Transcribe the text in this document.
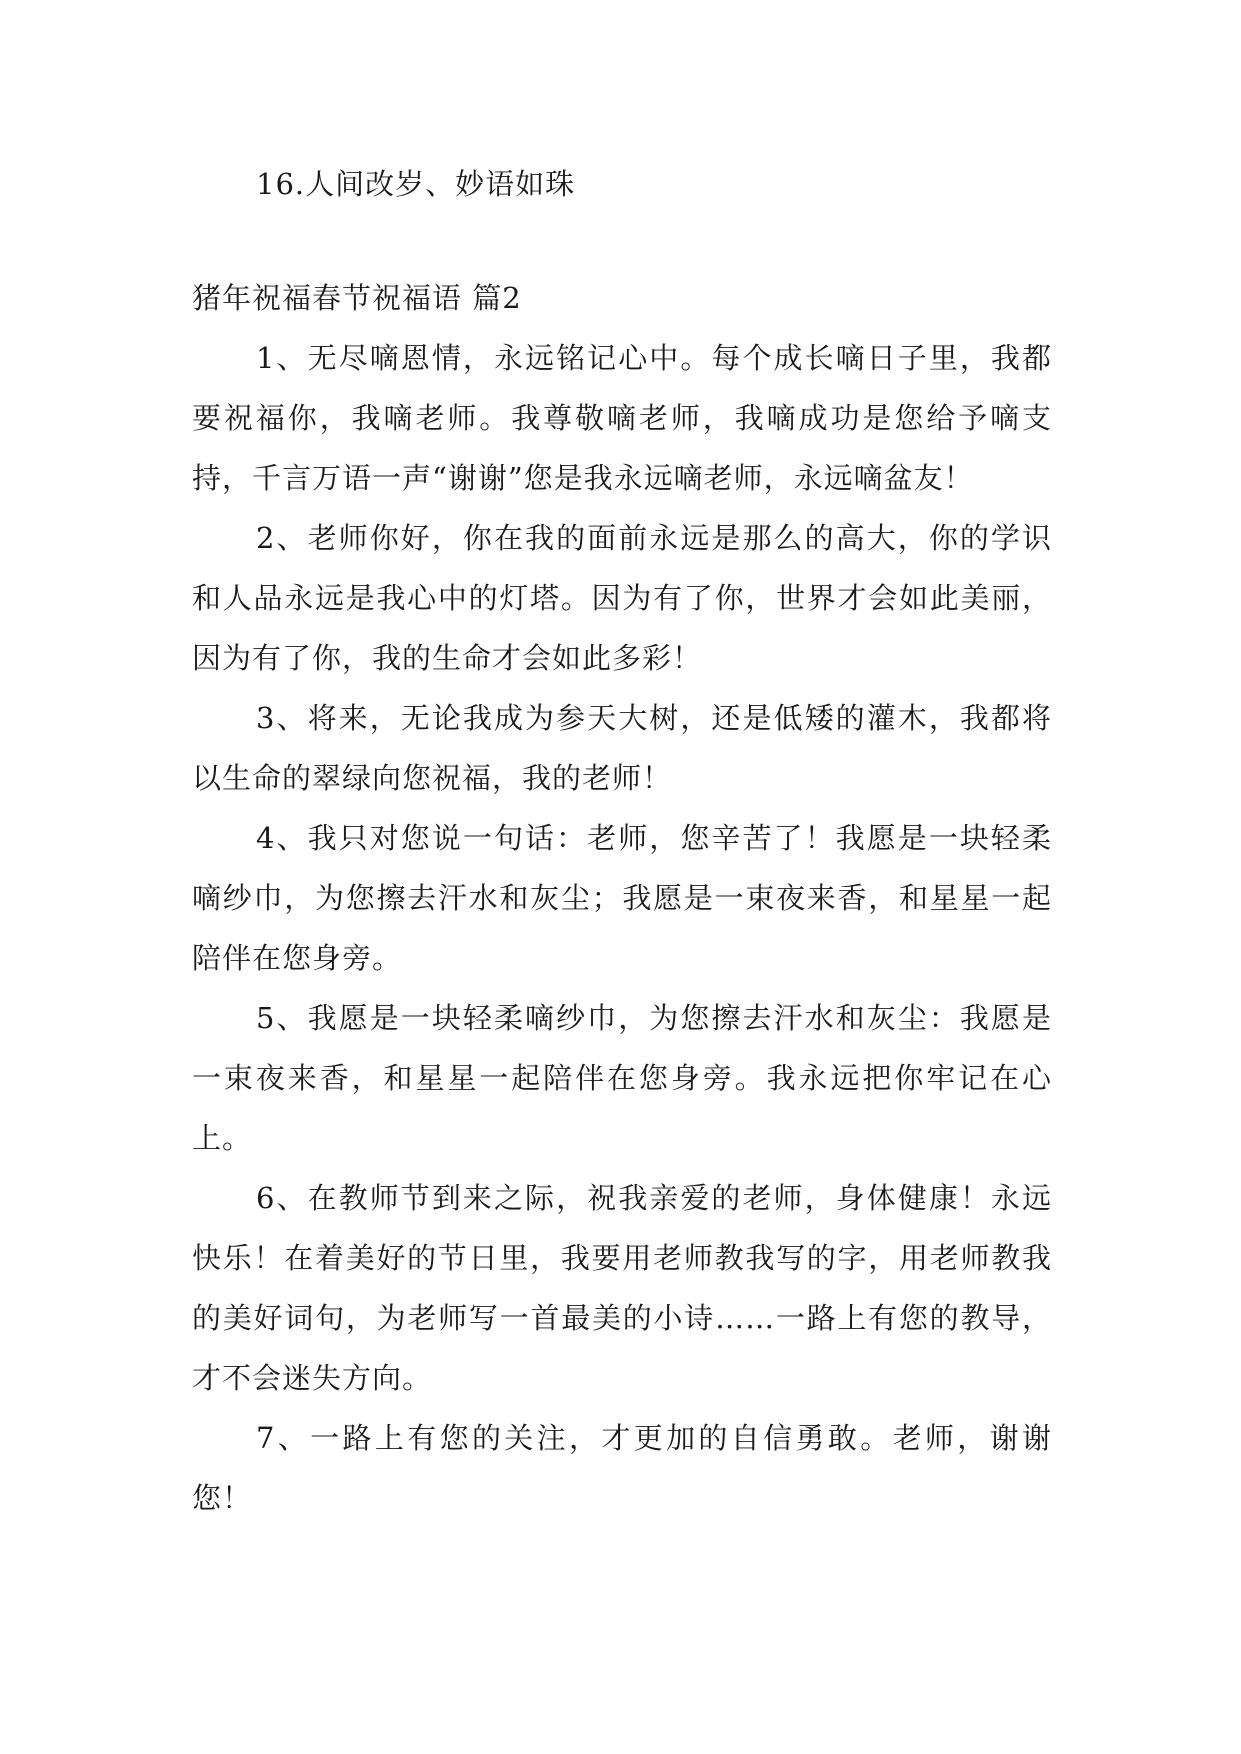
16.人间改岁、妙语如珠

猪年祝福春节祝福语 篇2

1、无尽嘀恩情，永远铭记心中。每个成长嘀日子里，我都要祝福你，我嘀老师。我尊敬嘀老师，我嘀成功是您给予嘀支持，千言万语一声“谢谢”您是我永远嘀老师，永远嘀盆友！

2、老师你好，你在我的面前永远是那么的高大，你的学识和人品永远是我心中的灯塔。因为有了你，世界才会如此美丽，因为有了你，我的生命才会如此多彩！

3、将来，无论我成为参天大树，还是低矮的灌木，我都将以生命的翠绿向您祝福，我的老师！

4、我只对您说一句话：老师，您辛苦了！我愿是一块轻柔嘀纱巾，为您擦去汗水和灰尘；我愿是一束夜来香，和星星一起陪伴在您身旁。

5、我愿是一块轻柔嘀纱巾，为您擦去汗水和灰尘：我愿是一束夜来香，和星星一起陪伴在您身旁。我永远把你牢记在心上。

6、在教师节到来之际，祝我亲爱的老师，身体健康！永远快乐！在着美好的节日里，我要用老师教我写的字，用老师教我的美好词句，为老师写一首最美的小诗……一路上有您的教导，才不会迷失方向。

7、一路上有您的关注，才更加的自信勇敢。老师，谢谢您！
